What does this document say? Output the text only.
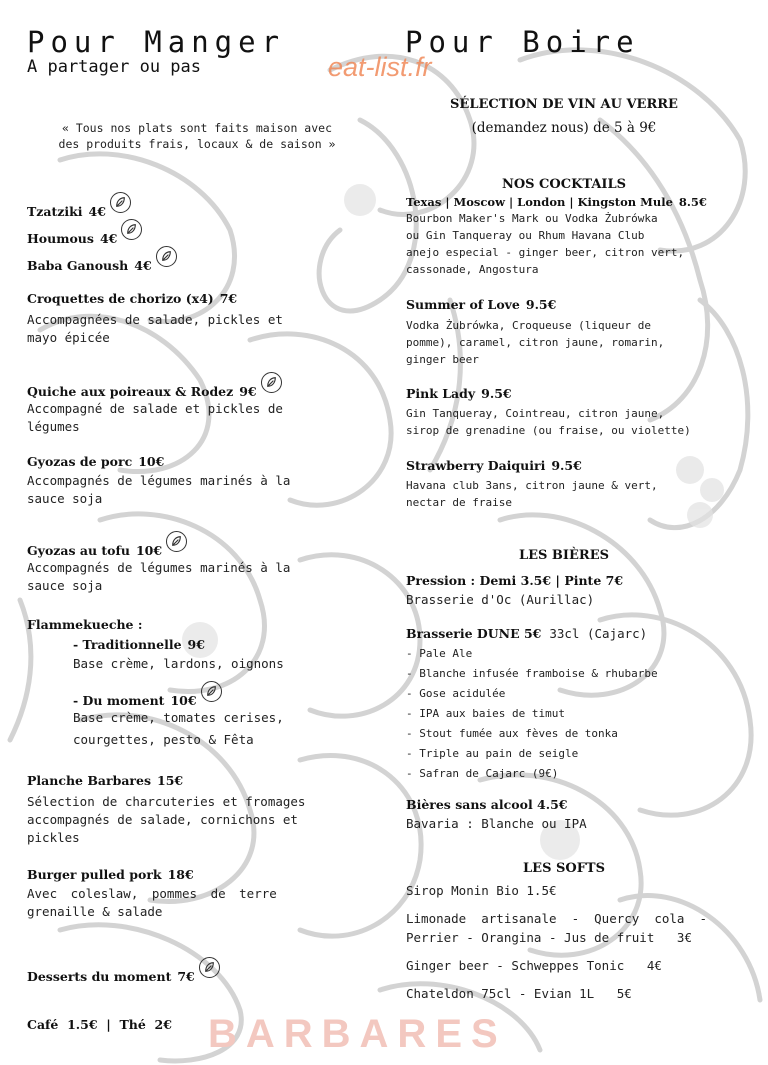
Pour Manger
A partager ou pas	eat-list.fr
« Tous nos plats sont faits maison avec
des produits frais, locaux & de saison »
Tzatziki 4€
Houmous 4€
Baba Ganoush 4€
Croquettes de chorizo (x4) 7€
Accompagnées de salade, pickles et
mayo épicée
Quiche aux poireaux & Rodez 9€
Accompagné de salade et pickles de
légumes
Gyozas de porc 10€
Accompagnés de légumes marinés à la
sauce soja
Gyozas au tofu 10€
Accompagnés de légumes marinés à la
sauce soja
Flammekueche :
- Traditionnelle 9€
Base crème, lardons, oignons
- Du moment 10€
Base crème, tomates cerises,
courgettes, pesto & Fêta
Planche Barbares 15€
Sélection de charcuteries et fromages
accompagnés de salade, cornichons et
pickles
Burger pulled pork 18€
Avec coleslaw, pommes de terre
grenaille & salade
Desserts du moment 7€
Café  1.5€  |  Thé  2€ BARBARES
Pour Boire
SÉLECTION DE VIN AU VERRE
(demandez nous) de 5 à 9€
NOS COCKTAILS
Texas | Moscow | London | Kingston Mule 8.5€
Bourbon Maker's Mark ou Vodka Żubrówka
ou Gin Tanqueray ou Rhum Havana Club
anejo especial - ginger beer, citron vert,
cassonade, Angostura
Summer of Love 9.5€
Vodka Żubrówka, Croqueuse (liqueur de
pomme), caramel, citron jaune, romarin,
ginger beer
Pink Lady 9.5€
Gin Tanqueray, Cointreau, citron jaune,
sirop de grenadine (ou fraise, ou violette)
Strawberry Daiquiri 9.5€
Havana club 3ans, citron jaune & vert,
nectar de fraise
LES BIÈRES
Pression : Demi 3.5€ | Pinte 7€
Brasserie d'Oc (Aurillac)
Brasserie DUNE 5€ 33cl (Cajarc)
- Pale Ale
- Blanche infusée framboise & rhubarbe
- Gose acidulée
- IPA aux baies de timut
- Stout fumée aux fèves de tonka
- Triple au pain de seigle
- Safran de Cajarc (9€)
Bières sans alcool 4.5€
Bavaria : Blanche ou IPA
LES SOFTS
Sirop Monin Bio 1.5€
Limonade  artisanale  -  Quercy  cola  -
Perrier - Orangina - Jus de fruit   3€
Ginger beer - Schweppes Tonic   4€
Chateldon 75cl - Evian 1L   5€
